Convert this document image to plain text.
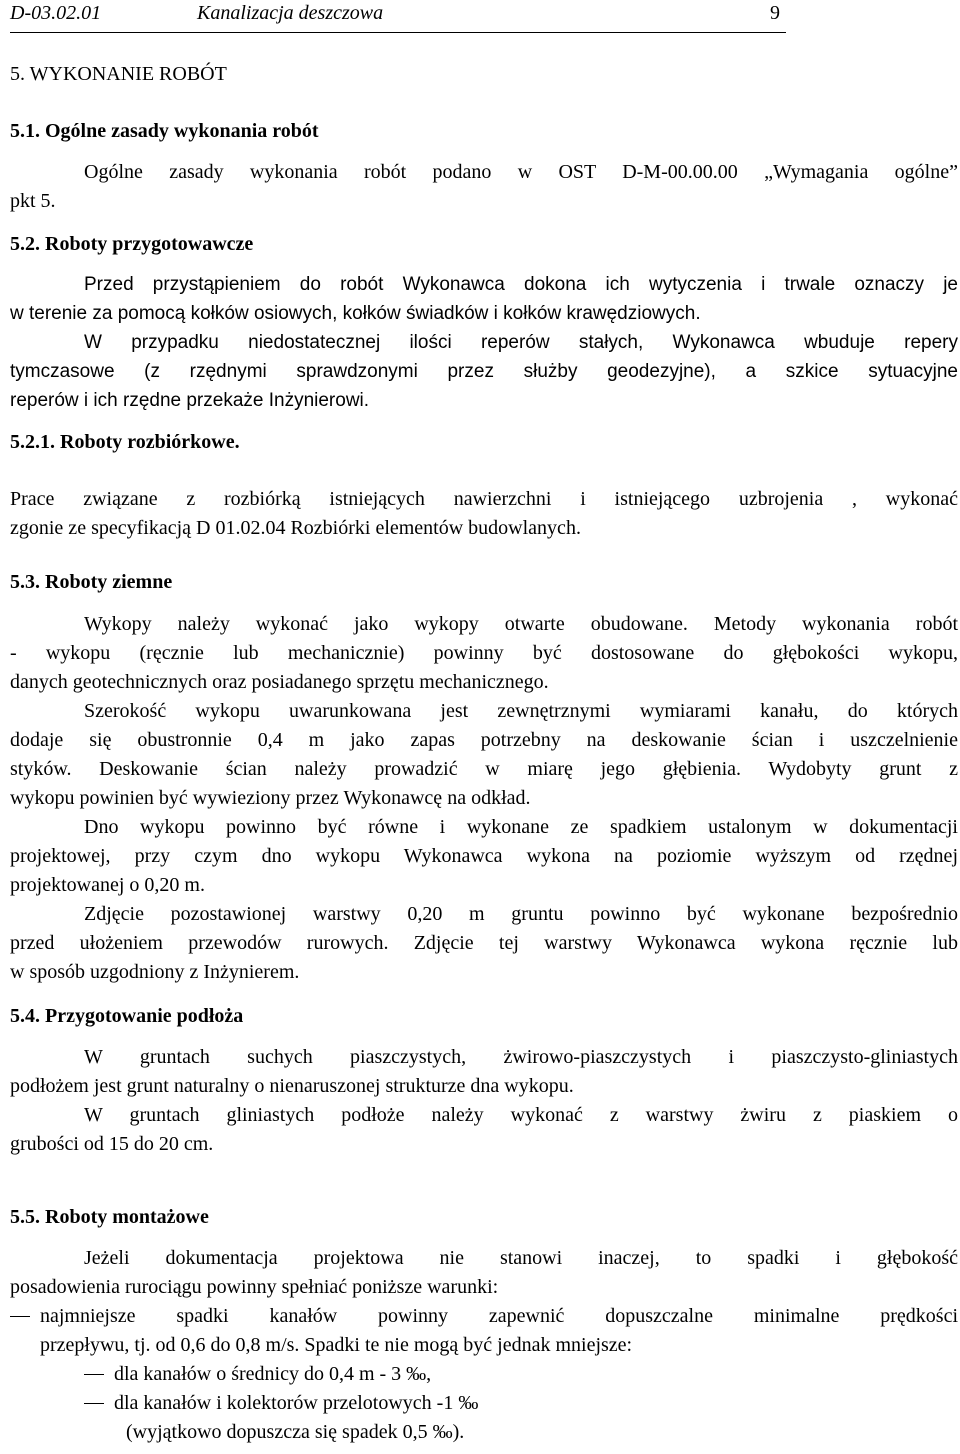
D-03.02.01	Kanalizacja deszczowa	9
5. WYKONANIE ROBÓT
5.1. Ogólne zasady wykonania robót
Ogólne zasady wykonania robót podano w OST D-M-00.00.00 „Wymagania ogólne”
pkt 5.
5.2. Roboty przygotowawcze
Przed przystąpieniem do robót Wykonawca dokona ich wytyczenia i trwale oznaczy je
w terenie za pomocą kołków osiowych, kołków świadków i kołków krawędziowych.
W przypadku niedostatecznej ilości reperów stałych, Wykonawca wbuduje repery
tymczasowe (z rzędnymi sprawdzonymi przez służby geodezyjne), a szkice sytuacyjne
reperów i ich rzędne przekaże Inżynierowi.
5.2.1. Roboty rozbiórkowe.
Prace związane z rozbiórką istniejących nawierzchni i istniejącego uzbrojenia , wykonać
zgonie ze specyfikacją D 01.02.04 Rozbiórki elementów budowlanych.
5.3. Roboty ziemne
Wykopy należy wykonać jako wykopy otwarte obudowane. Metody wykonania robót
- wykopu (ręcznie lub mechanicznie) powinny być dostosowane do głębokości wykopu,
danych geotechnicznych oraz posiadanego sprzętu mechanicznego.
Szerokość wykopu uwarunkowana jest zewnętrznymi wymiarami kanału, do których
dodaje się obustronnie 0,4 m jako zapas potrzebny na deskowanie ścian i uszczelnienie
styków. Deskowanie ścian należy prowadzić w miarę jego głębienia. Wydobyty grunt z
wykopu powinien być wywieziony przez Wykonawcę na odkład.
Dno wykopu powinno być równe i wykonane ze spadkiem ustalonym w dokumentacji
projektowej, przy czym dno wykopu Wykonawca wykona na poziomie wyższym od rzędnej
projektowanej o 0,20 m.
Zdjęcie pozostawionej warstwy 0,20 m gruntu powinno być wykonane bezpośrednio
przed ułożeniem przewodów rurowych. Zdjęcie tej warstwy Wykonawca wykona ręcznie lub
w sposób uzgodniony z Inżynierem.
5.4. Przygotowanie podłoża
W gruntach suchych piaszczystych, żwirowo-piaszczystych i piaszczysto-gliniastych
podłożem jest grunt naturalny o nienaruszonej strukturze dna wykopu.
W gruntach gliniastych podłoże należy wykonać z warstwy żwiru z piaskiem o
grubości od 15 do 20 cm.
5.5. Roboty montażowe
Jeżeli dokumentacja projektowa nie stanowi inaczej, to spadki i głębokość
posadowienia rurociągu powinny spełniać poniższe warunki:
najmniejsze spadki kanałów powinny zapewnić dopuszczalne minimalne prędkości
przepływu, tj. od 0,6 do 0,8 m/s. Spadki te nie mogą być jednak mniejsze:
dla kanałów o średnicy do 0,4 m - 3 ‰,
dla kanałów i kolektorów przelotowych -1 ‰
(wyjątkowo dopuszcza się spadek 0,5 ‰).
